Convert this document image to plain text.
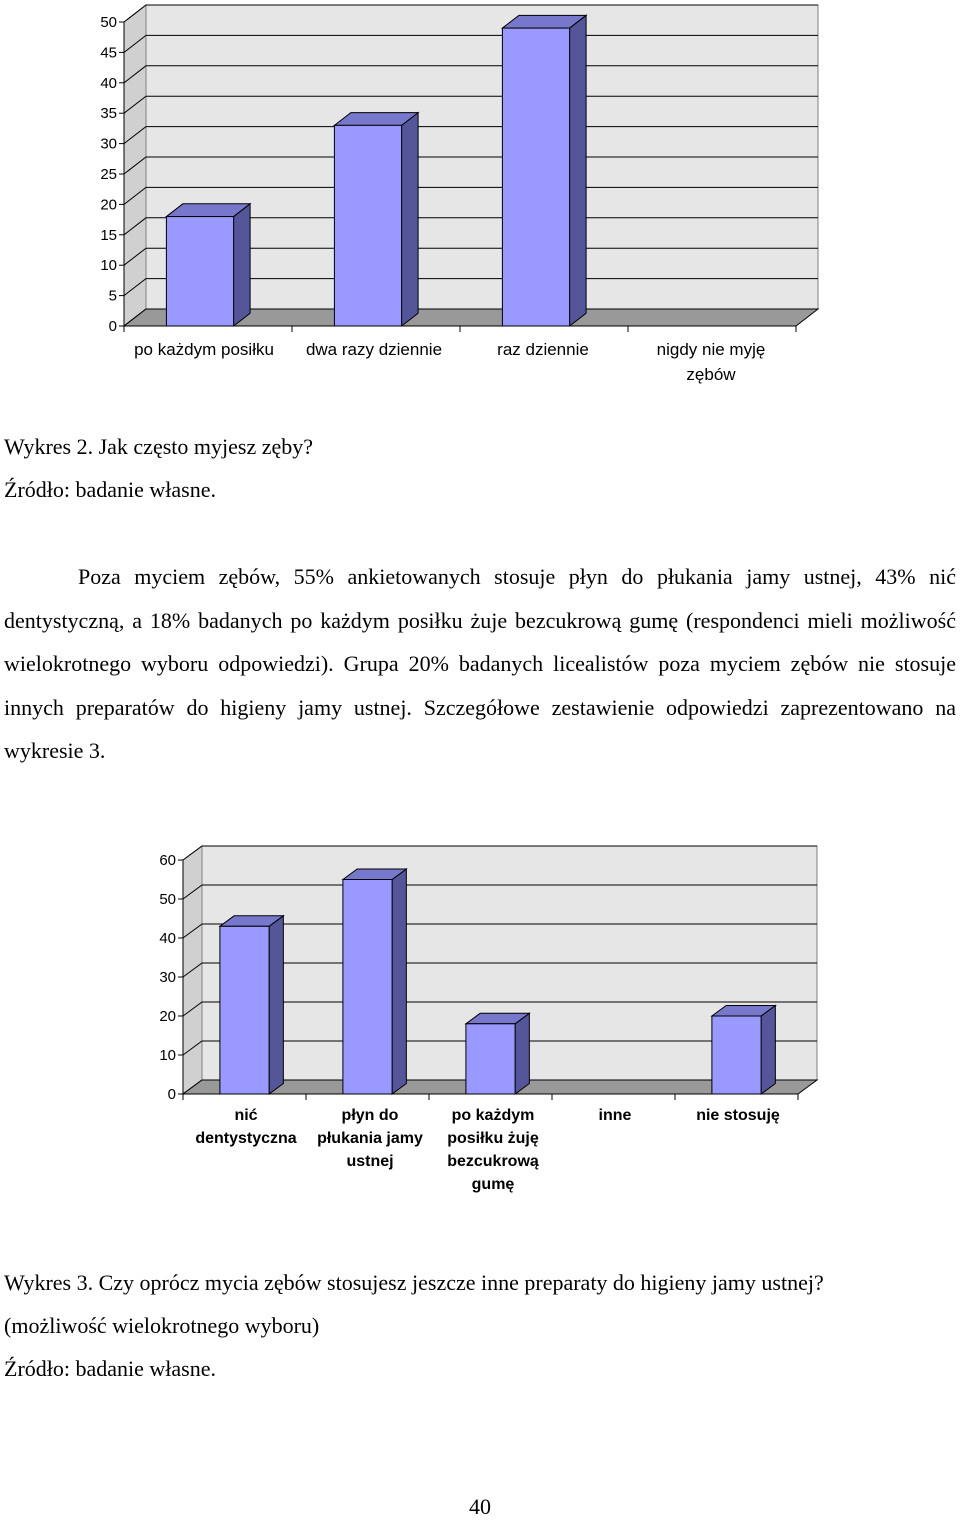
0
5
10
15
20
25
30
35
40
45
50
po każdym posiłku dwa razy dziennie	raz dziennie	nigdy nie myję
zębów
Wykres 2. Jak często myjesz zęby?
Źródło: badanie własne.

Poza myciem zębów, 55% ankietowanych stosuje płyn do płukania jamy ustnej, 43% nić dentystyczną, a 18% badanych po każdym posiłku żuje bezcukrową gumę (respondenci mieli możliwość wielokrotnego wyboru odpowiedzi). Grupa 20% badanych licealistów poza myciem zębów nie stosuje innych preparatów do higieny jamy ustnej. Szczegółowe zestawienie odpowiedzi zaprezentowano na wykresie 3.

0
10
20
30
40
50
60
nić
dentystyczna
płyn do
płukania jamy
ustnej
po każdym
posiłku żuję
bezcukrową
gumę
inne	nie stosuję
Wykres 3. Czy oprócz mycia zębów stosujesz jeszcze inne preparaty do higieny jamy ustnej?
(możliwość wielokrotnego wyboru)
Źródło: badanie własne.
40
